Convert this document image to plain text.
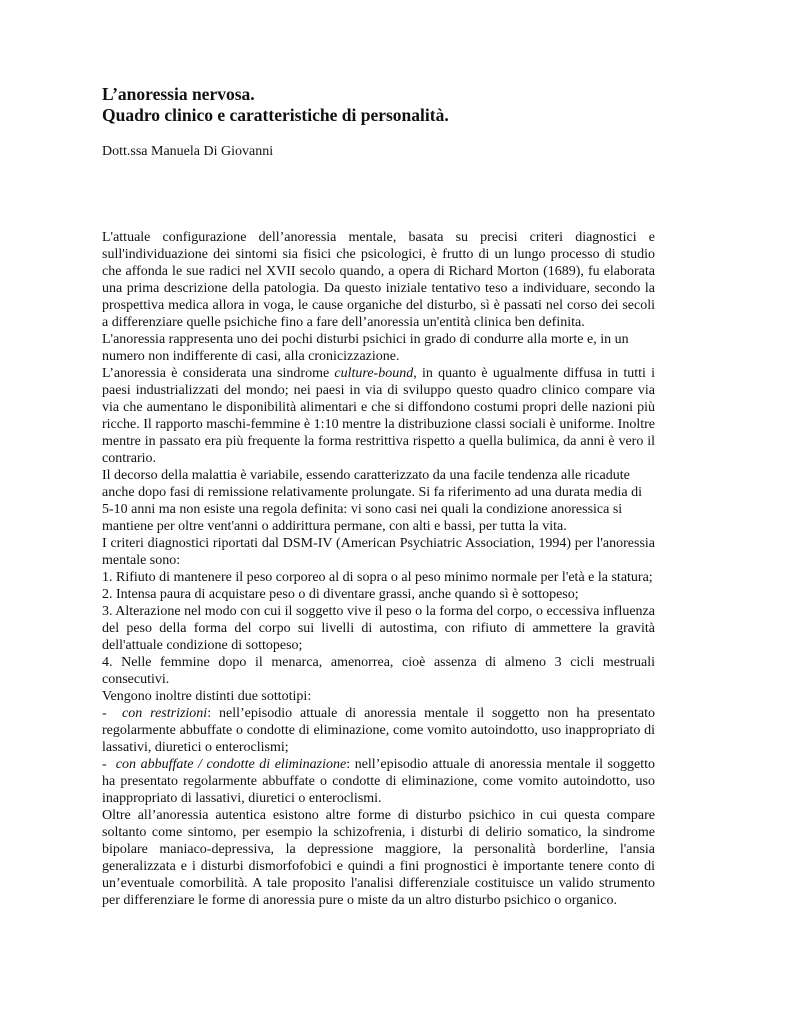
L’anoressia nervosa.
Quadro clinico e caratteristiche di personalità.

Dott.ssa Manuela Di Giovanni

L'attuale configurazione dell’anoressia mentale, basata su precisi criteri diagnostici e sull'individuazione dei sintomi sia fisici che psicologici, è frutto di un lungo processo di studio che affonda le sue radici nel XVII secolo quando, a opera di Richard Morton (1689), fu elaborata una prima descrizione della patologia. Da questo iniziale tentativo teso a individuare, secondo la prospettiva medica allora in voga, le cause organiche del disturbo, sì è passati nel corso dei secoli a differenziare quelle psichiche fino a fare dell’anoressia un'entità clinica ben definita.

L'anoressia rappresenta uno dei pochi disturbi psichici in grado di condurre alla morte e, in un numero non indifferente di casi, alla cronicizzazione.

L’anoressia è considerata una sindrome culture-bound, in quanto è ugualmente diffusa in tutti i paesi industrializzati del mondo; nei paesi in via di sviluppo questo quadro clinico compare via via che aumentano le disponibilità alimentari e che si diffondono costumi propri delle nazioni più ricche. Il rapporto maschi-femmine è 1:10 mentre la distribuzione classi sociali è uniforme. Inoltre mentre in passato era più frequente la forma restrittiva rispetto a quella bulimica, da anni è vero il contrario.

Il decorso della malattia è variabile, essendo caratterizzato da una facile tendenza alle ricadute anche dopo fasi di remissione relativamente prolungate. Si fa riferimento ad una durata media di 5-10 anni ma non esiste una regola definita: vi sono casi nei quali la condizione anoressica si mantiene per oltre vent'anni o addirittura permane, con alti e bassi, per tutta la vita.

I criteri diagnostici riportati dal DSM-IV (American Psychiatric Association, 1994) per l'anoressia mentale sono:

1. Rifiuto di mantenere il peso corporeo al di sopra o al peso minimo normale per l'età e la statura;

2. Intensa paura di acquistare peso o di diventare grassi, anche quando sì è sottopeso;

3. Alterazione nel modo con cui il soggetto vive il peso o la forma del corpo, o eccessiva influenza del peso della forma del corpo sui livelli di autostima, con rifiuto di ammettere la gravità dell'attuale condizione di sottopeso;

4. Nelle femmine dopo il menarca, amenorrea, cioè assenza di almeno 3 cicli mestruali consecutivi.

Vengono inoltre distinti due sottotipi:

- con restrizioni: nell’episodio attuale di anoressia mentale il soggetto non ha presentato regolarmente abbuffate o condotte di eliminazione, come vomito autoindotto, uso inappropriato di lassativi, diuretici o enteroclismi;

- con abbuffate / condotte di eliminazione: nell’episodio attuale di anoressia mentale il soggetto ha presentato regolarmente abbuffate o condotte di eliminazione, come vomito autoindotto, uso inappropriato di lassativi, diuretici o enteroclismi.

Oltre all’anoressia autentica esistono altre forme di disturbo psichico in cui questa compare soltanto come sintomo, per esempio la schizofrenia, i disturbi di delirio somatico, la sindrome bipolare maniaco-depressiva, la depressione maggiore, la personalità borderline, l'ansia generalizzata e i disturbi dismorfofobici e quindi a fini prognostici è importante tenere conto di un’eventuale comorbilità. A tale proposito l'analisi differenziale costituisce un valido strumento per differenziare le forme di anoressia pure o miste da un altro disturbo psichico o organico.
